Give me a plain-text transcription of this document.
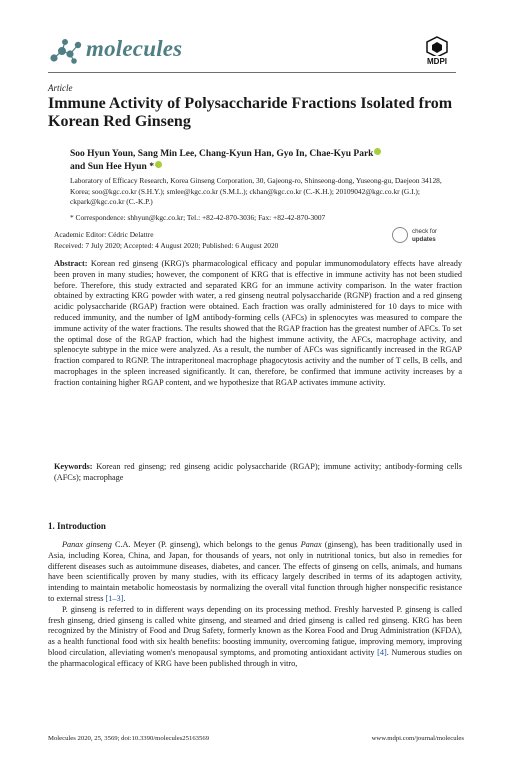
molecules
MDPI
Article
Immune Activity of Polysaccharide Fractions Isolated from Korean Red Ginseng
Soo Hyun Youn, Sang Min Lee, Chang-Kyun Han, Gyo In, Chae-Kyu Park
and Sun Hee Hyun *
Laboratory of Efficacy Research, Korea Ginseng Corporation, 30, Gajeong-ro, Shinseong-dong, Yuseong-gu, Daejeon 34128, Korea; soo@kgc.co.kr (S.H.Y.); smlee@kgc.co.kr (S.M.L.); ckhan@kgc.co.kr (C.-K.H.); 20109042@kgc.co.kr (G.I.); ckpark@kgc.co.kr (C.-K.P.)
* Correspondence: shhyun@kgc.co.kr; Tel.: +82-42-870-3036; Fax: +82-42-870-3007
Academic Editor: Cédric Delattre
Received: 7 July 2020; Accepted: 4 August 2020; Published: 6 August 2020
check for
updates
Abstract: Korean red ginseng (KRG)'s pharmacological efficacy and popular immunomodulatory effects have already been proven in many studies; however, the component of KRG that is effective in immune activity has not been studied before. Therefore, this study extracted and separated KRG for an immune activity comparison. In the water fraction obtained by extracting KRG powder with water, a red ginseng neutral polysaccharide (RGNP) fraction and a red ginseng acidic polysaccharide (RGAP) fraction were obtained. Each fraction was orally administered for 10 days to mice with reduced immunity, and the number of IgM antibody-forming cells (AFCs) in splenocytes was measured to compare the immune activity of the water fractions. The results showed that the RGAP fraction has the greatest number of AFCs. To set the optimal dose of the RGAP fraction, which had the highest immune activity, the AFCs, macrophage activity, and splenocyte subtype in the mice were analyzed. As a result, the number of AFCs was significantly increased in the RGAP fraction compared to RGNP. The intraperitoneal macrophage phagocytosis activity and the number of T cells, B cells, and macrophages in the spleen increased significantly. It can, therefore, be confirmed that immune activity increases by a fraction containing higher RGAP content, and we hypothesize that RGAP activates immune activity.
Keywords: Korean red ginseng; red ginseng acidic polysaccharide (RGAP); immune activity; antibody-forming cells (AFCs); macrophage
1. Introduction

Panax ginseng C.A. Meyer (P. ginseng), which belongs to the genus Panax (ginseng), has been traditionally used in Asia, including Korea, China, and Japan, for thousands of years, not only in nutritional tonics, but also in remedies for different diseases such as autoimmune diseases, diabetes, and cancer. The effects of ginseng on cells, animals, and humans have been scientifically proven by many studies, with its efficacy largely described in terms of its adaptogen activity, intending to maintain metabolic homeostasis by normalizing the overall vital function through higher nonspecific resistance to external stress [1–3].

P. ginseng is referred to in different ways depending on its processing method. Freshly harvested P. ginseng is called fresh ginseng, dried ginseng is called white ginseng, and steamed and dried ginseng is called red ginseng. KRG has been recognized by the Ministry of Food and Drug Safety, formerly known as the Korea Food and Drug Administration (KFDA), as a health functional food with six health benefits: boosting immunity, overcoming fatigue, improving memory, improving blood circulation, alleviating women's menopausal symptoms, and promoting antioxidant activity [4]. Numerous studies on the pharmacological efficacy of KRG have been published through in vitro,

Molecules 2020, 25, 3569; doi:10.3390/molecules25163569	www.mdpi.com/journal/molecules
